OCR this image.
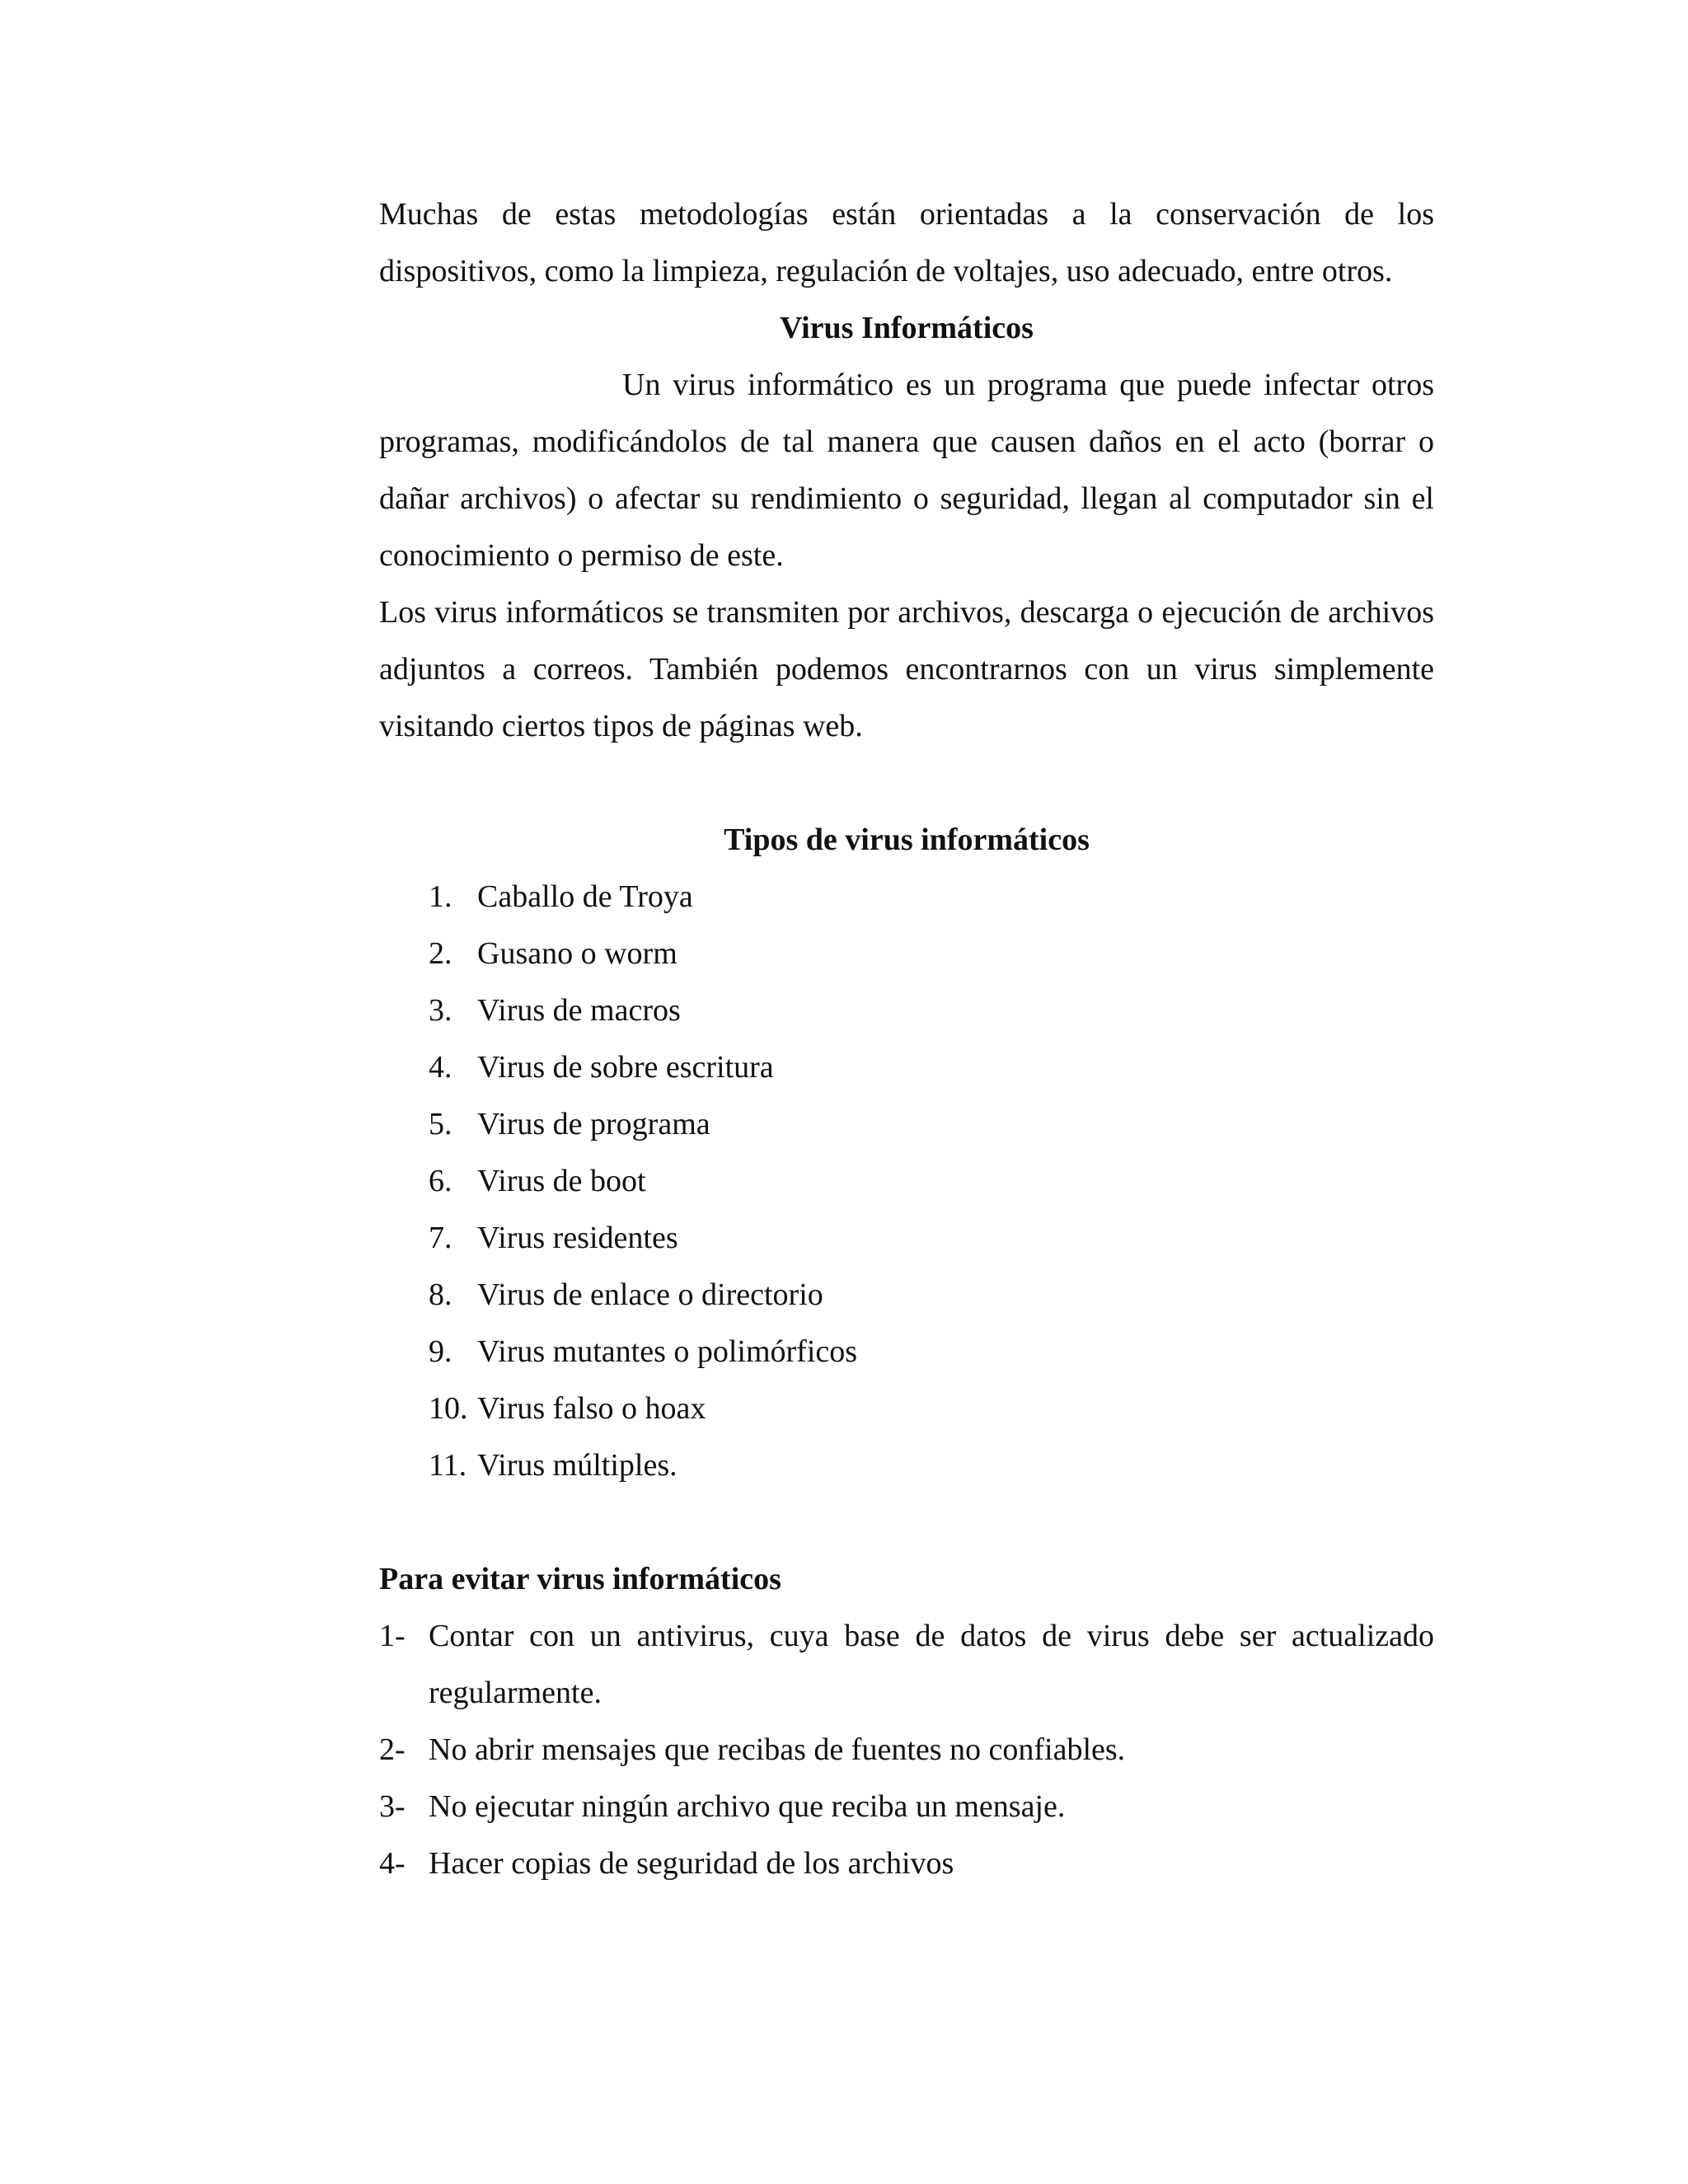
Muchas de estas metodologías están orientadas a la conservación de los dispositivos, como la limpieza, regulación de voltajes, uso adecuado, entre otros.

Virus Informáticos

Un virus informático es un programa que puede infectar otros programas, modificándolos de tal manera que causen daños en el acto (borrar o dañar archivos) o afectar su rendimiento o seguridad, llegan al computador sin el conocimiento o permiso de este.

Los virus informáticos se transmiten por archivos, descarga o ejecución de archivos adjuntos a correos. También podemos encontrarnos con un virus simplemente visitando ciertos tipos de páginas web.

Tipos de virus informáticos

1. Caballo de Troya
2. Gusano o worm
3. Virus de macros
4. Virus de sobre escritura
5. Virus de programa
6. Virus de boot
7. Virus residentes
8. Virus de enlace o directorio
9. Virus mutantes o polimórficos
10. Virus falso o hoax
11. Virus múltiples.

Para evitar virus informáticos

1- Contar con un antivirus, cuya base de datos de virus debe ser actualizado regularmente.
2- No abrir mensajes que recibas de fuentes no confiables.
3- No ejecutar ningún archivo que reciba un mensaje.
4- Hacer copias de seguridad de los archivos
